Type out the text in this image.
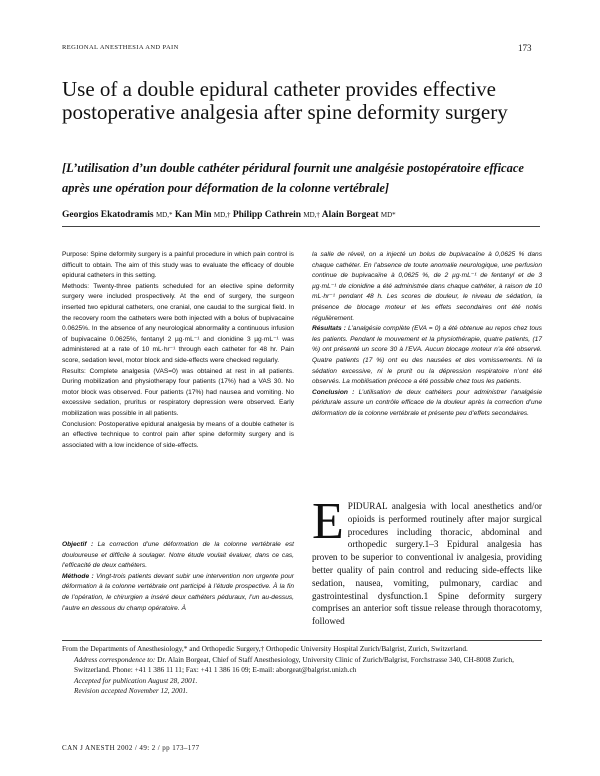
REGIONAL ANESTHESIA AND PAIN	173
Use of a double epidural catheter provides effective postoperative analgesia after spine deformity surgery
[L’utilisation d’un double cathéter péridural fournit une analgésie postopératoire efficace après une opération pour déformation de la colonne vertébrale]
Georgios Ekatodramis MD,* Kan Min MD,† Philipp Cathrein MD,† Alain Borgeat MD*

Purpose: Spine deformity surgery is a painful procedure in which pain control is difficult to obtain. The aim of this study was to evaluate the efficacy of double epidural catheters in this setting.

Methods: Twenty-three patients scheduled for an elective spine deformity surgery were included prospectively. At the end of surgery, the surgeon inserted two epidural catheters, one cranial, one caudal to the surgical field. In the recovery room the catheters were both injected with a bolus of bupivacaine 0.0625%. In the absence of any neurological abnormality a continuous infusion of bupivacaine 0.0625%, fentanyl 2 µg·mL⁻¹ and clonidine 3 µg·mL⁻¹ was administered at a rate of 10 mL·hr⁻¹ through each catheter for 48 hr. Pain score, sedation level, motor block and side-effects were checked regularly.

Results: Complete analgesia (VAS=0) was obtained at rest in all patients. During mobilization and physiotherapy four patients (17%) had a VAS 30. No motor block was observed. Four patients (17%) had nausea and vomiting. No excessive sedation, pruritus or respiratory depression were observed. Early mobilization was possible in all patients.

Conclusion: Postoperative epidural analgesia by means of a double catheter is an effective technique to control pain after spine deformity surgery and is associated with a low incidence of side-effects.

Objectif : La correction d’une déformation de la colonne vertébrale est douloureuse et difficile à soulager. Notre étude voulait évaluer, dans ce cas, l’efficacité de deux cathéters.

Méthode : Vingt-trois patients devant subir une intervention non urgente pour déformation à la colonne vertébrale ont participé à l’étude prospective. À la fin de l’opération, le chirurgien a inséré deux cathéters péduraux, l’un au-dessus, l’autre en dessous du champ opératoire. À

la salle de réveil, on a injecté un bolus de bupivacaïne à 0,0625 % dans chaque cathéter. En l’absence de toute anomalie neurologique, une perfusion continue de bupivacaïne à 0,0625 %, de 2 µg·mL⁻¹ de fentanyl et de 3 µg·mL⁻¹ de clonidine a été administrée dans chaque cathéter, à raison de 10 mL·hr⁻¹ pendant 48 h. Les scores de douleur, le niveau de sédation, la présence de blocage moteur et les effets secondaires ont été notés régulièrement.

Résultats : L’analgésie complète (EVA = 0) a été obtenue au repos chez tous les patients. Pendant le mouvement et la physiothérapie, quatre patients, (17 %) ont présenté un score 30 à l’EVA. Aucun blocage moteur n’a été observé. Quatre patients (17 %) ont eu des nausées et des vomissements. Ni la sédation excessive, ni le prurit ou la dépression respiratoire n’ont été observés. La mobilisation précoce a été possible chez tous les patients.

Conclusion : L’utilisation de deux cathéters pour administrer l’analgésie péridurale assure un contrôle efficace de la douleur après la correction d’une déformation de la colonne vertébrale et présente peu d’effets secondaires.

EPIDURAL analgesia with local anesthetics and/or opioids is performed routinely after major surgical procedures including thoracic, abdominal and orthopedic surgery.1–3 Epidural analgesia has proven to be superior to conventional iv analgesia, providing better quality of pain control and reducing side-effects like sedation, nausea, vomiting, pulmonary, cardiac and gastrointestinal dysfunction.1 Spine deformity surgery comprises an anterior soft tissue release through thoracotomy, followed
From the Departments of Anesthesiology,* and Orthopedic Surgery,† Orthopedic University Hospital Zurich/Balgrist, Zurich, Switzerland.
Address correspondence to: Dr. Alain Borgeat, Chief of Staff Anesthesiology, University Clinic of Zurich/Balgrist, Forchstrasse 340, CH-8008 Zurich, Switzerland. Phone: +41 1 386 11 11; Fax: +41 1 386 16 09; E-mail: aborgeat@balgrist.unizh.ch
Accepted for publication August 28, 2001.
Revision accepted November 12, 2001.
CAN J ANESTH 2002 / 49: 2 / pp 173–177
